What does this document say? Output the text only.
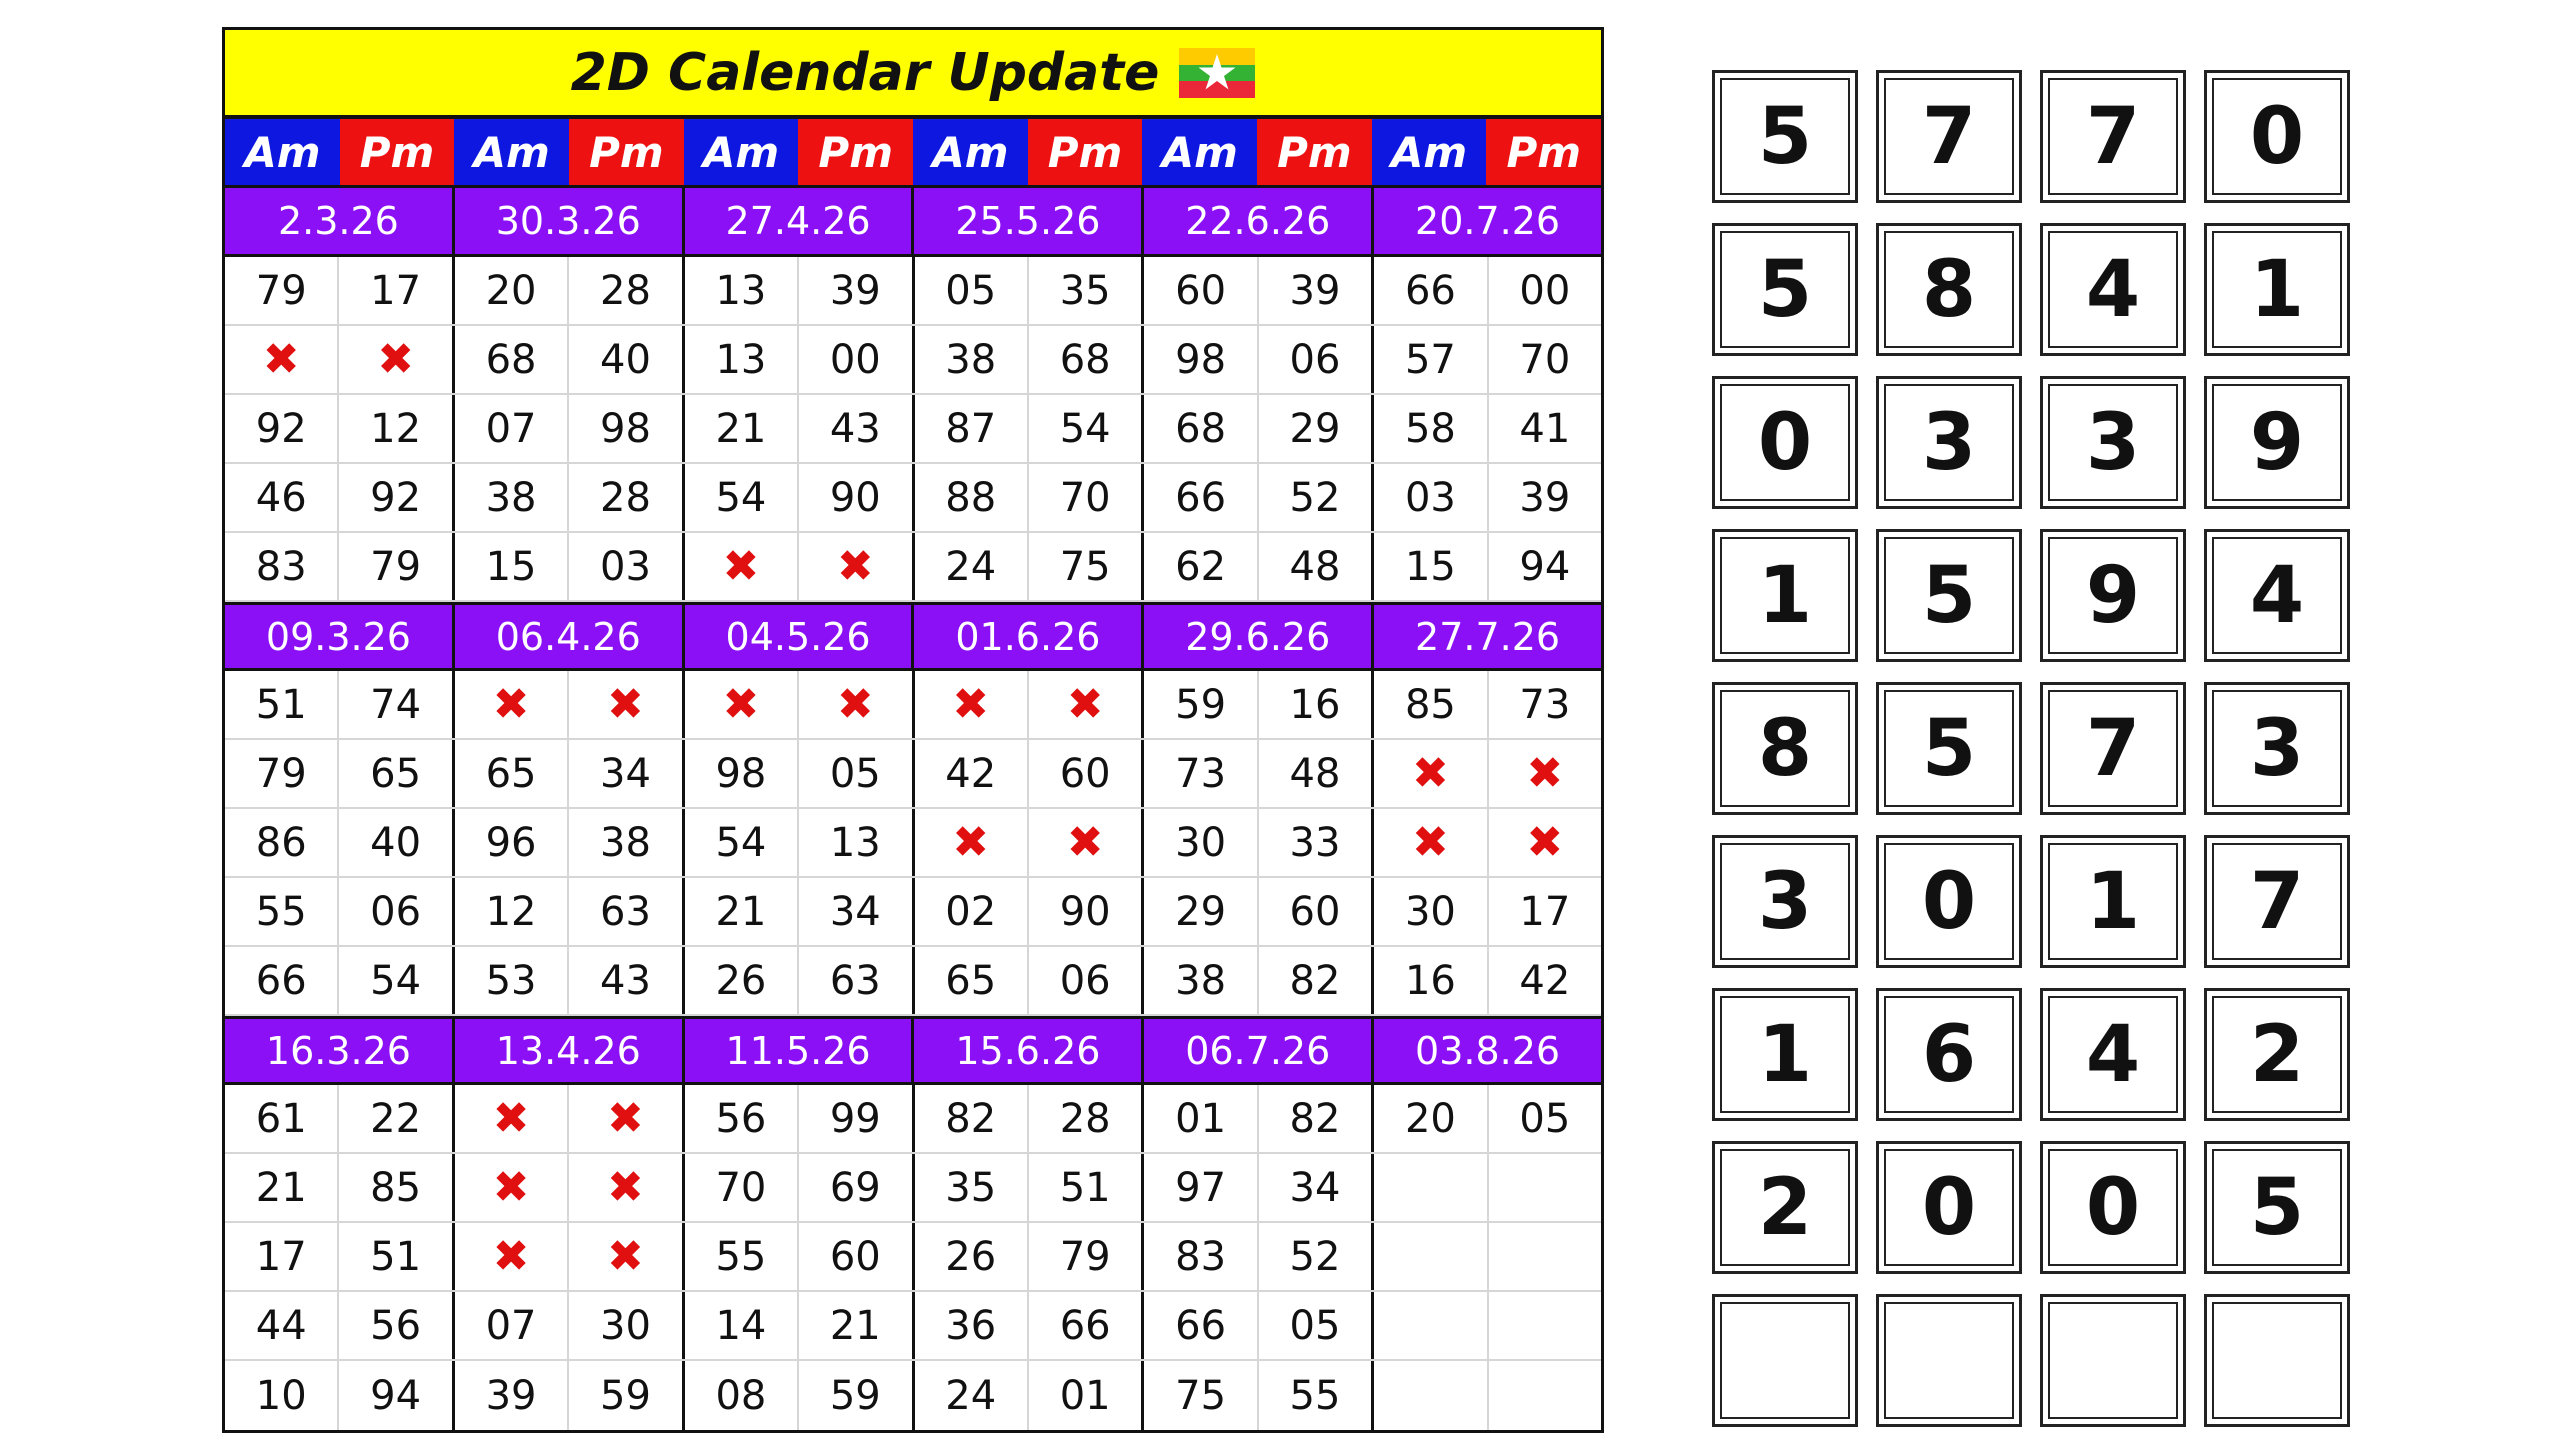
2D Calendar Update
Am Pm Am Pm Am Pm Am Pm Am Pm Am Pm
2.3.26	30.3.26	27.4.26	25.5.26	22.6.26	20.7.26
79	17	20	28	13	39	05	35	60	39	66	00
✖	✖	68	40	13	00	38	68	98	06	57	70
92	12	07	98	21	43	87	54	68	29	58	41
46	92	38	28	54	90	88	70	66	52	03	39
83	79	15	03	✖	✖	24	75	62	48	15	94
09.3.26	06.4.26	04.5.26	01.6.26	29.6.26	27.7.26
51	74	✖	✖	✖	✖	✖	✖	59	16	85	73
79	65	65	34	98	05	42	60	73	48	✖	✖
86	40	96	38	54	13	✖	✖	30	33	✖	✖
55	06	12	63	21	34	02	90	29	60	30	17
66	54	53	43	26	63	65	06	38	82	16	42
16.3.26	13.4.26	11.5.26	15.6.26	06.7.26	03.8.26
61	22	✖	✖	56	99	82	28	01	82	20	05
21	85	✖	✖	70	69	35	51	97	34
17	51	✖	✖	55	60	26	79	83	52
44	56	07	30	14	21	36	66	66	05
10	94	39	59	08	59	24	01	75	55
5	7	7	0
5	8	4	1
0	3	3	9
1	5	9	4
8	5	7	3
3	0	1	7
1	6	4	2
2	0	0	5
